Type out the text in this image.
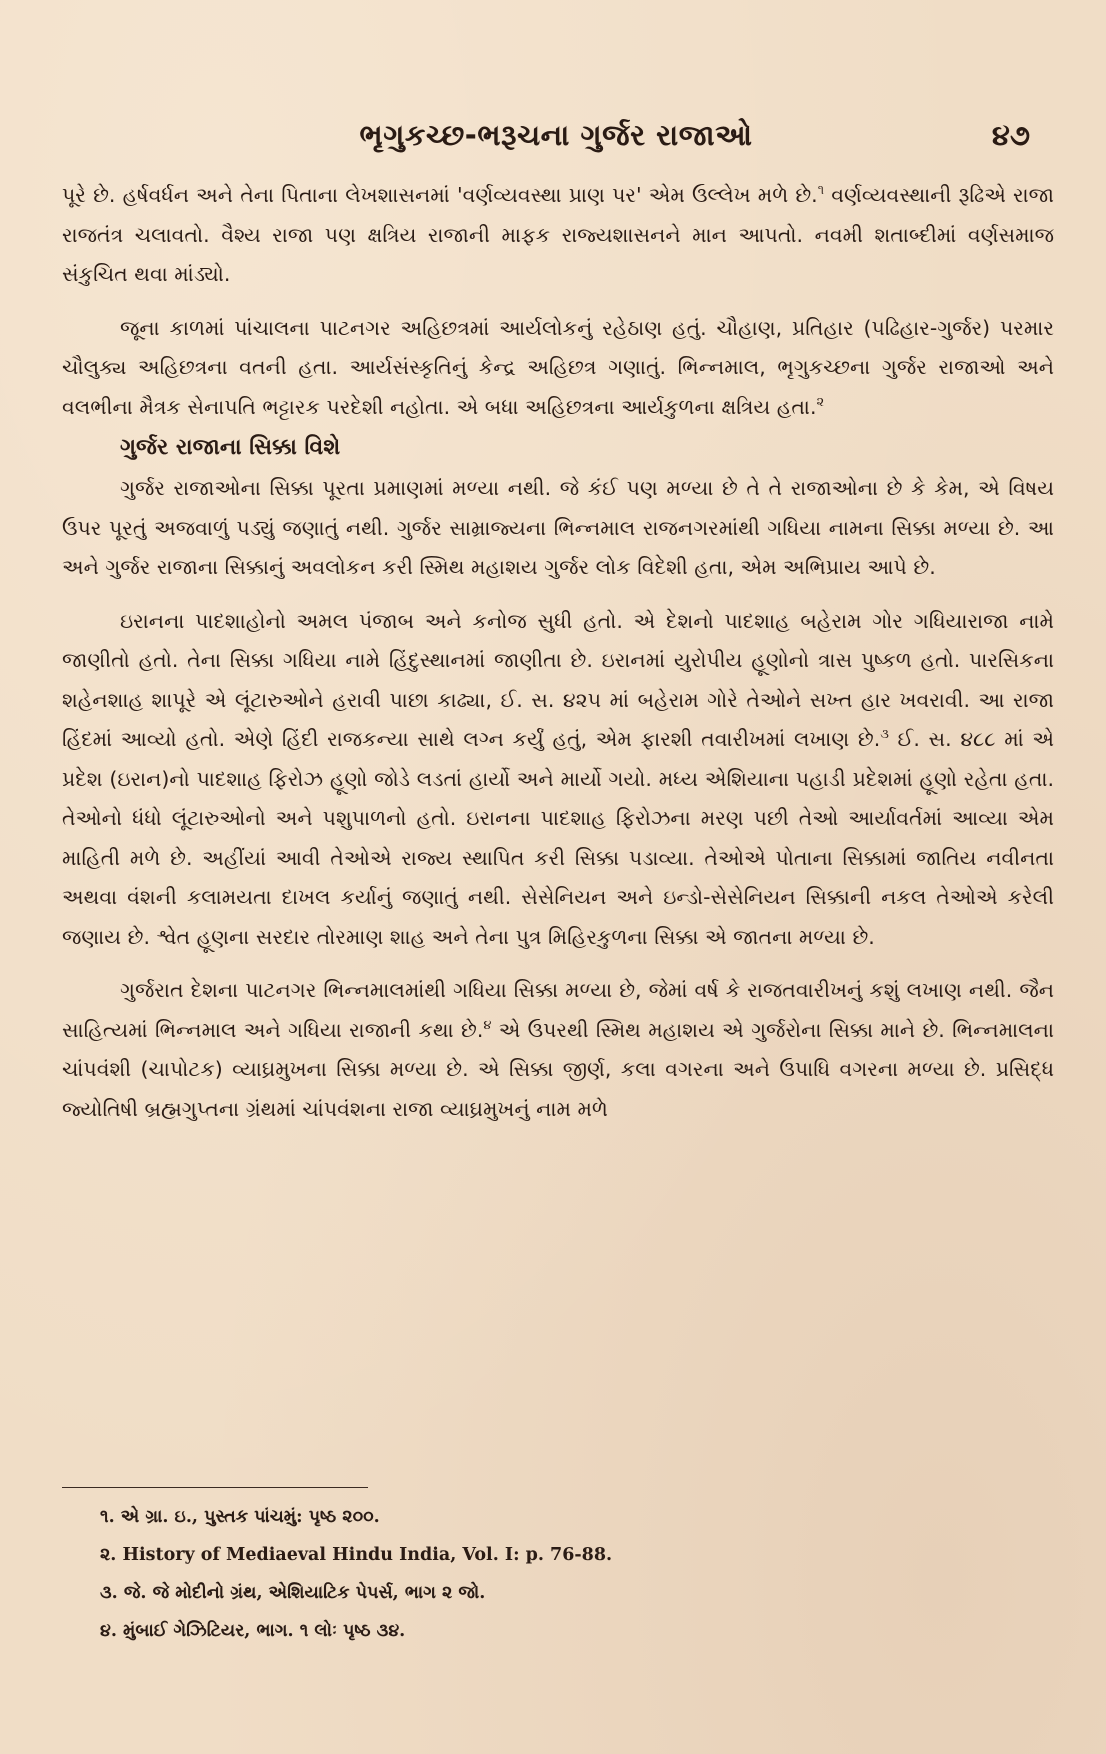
ભૃગુકચ્છ-ભરૂચના ગુર્જર રાજાઓ	૪૭

પૂરે છે. હર્ષવર્ધન અને તેના પિતાના લેખશાસનમાં 'વર્ણવ્યવસ્થા પ્રાણ પર' એમ ઉલ્લેખ મળે છે.$^૧$ વર્ણવ્યવસ્થાની રૂઢિએ રાજા રાજતંત્ર ચલાવતો. વૈશ્ય રાજા પણ ક્ષત્રિય રાજાની માફક રાજ્યશાસનને માન આપતો. નવમી શતાબ્દીમાં વર્ણસમાજ સંકુચિત થવા માંડ્યો.

જૂના કાળમાં પાંચાલના પાટનગર અહિછત્રમાં આર્યલોકનું રહેઠાણ હતું. ચૌહાણ, પ્રતિહાર (પઢિહાર-ગુર્જર) પરમાર ચૌલુક્ય અહિછત્રના વતની હતા. આર્યસંસ્કૃતિનું કેન્દ્ર અહિછત્ર ગણાતું. ભિન્નમાલ, ભૃગુકચ્છના ગુર્જર રાજાઓ અને વલભીના મૈત્રક સેનાપતિ ભટ્ટારક પરદેશી નહોતા. એ બધા અહિછત્રના આર્યકુળના ક્ષત્રિય હતા.$^૨$

ગુર્જર રાજાના સિક્કા વિશે

ગુર્જર રાજાઓના સિક્કા પૂરતા પ્રમાણમાં મળ્યા નથી. જે કંઈ પણ મળ્યા છે તે તે રાજાઓના છે કે કેમ, એ વિષય ઉપર પૂરતું અજવાળું પડ્યું જણાતું નથી. ગુર્જર સામ્રાજ્યના ભિન્નમાલ રાજનગરમાંથી ગધિયા નામના સિક્કા મળ્યા છે. આ અને ગુર્જર રાજાના સિક્કાનું અવલોકન કરી સ્મિથ મહાશય ગુર્જર લોક વિદેશી હતા, એમ અભિપ્રાય આપે છે.

ઇરાનના પાદશાહોનો અમલ પંજાબ અને કનોજ સુધી હતો. એ દેશનો પાદશાહ બહેરામ ગોર ગધિયારાજા નામે જાણીતો હતો. તેના સિક્કા ગધિયા નામે હિંદુસ્થાનમાં જાણીતા છે. ઇરાનમાં યુરોપીય હૂણોનો ત્રાસ પુષ્કળ હતો. પારસિકના શહેનશાહ શાપૂરે એ લૂંટારુઓને હરાવી પાછા કાઢ્યા, ઈ. સ. ૪૨૫ માં બહેરામ ગોરે તેઓને સખ્ત હાર ખવરાવી. આ રાજા હિંદમાં આવ્યો હતો. એણે હિંદી રાજકન્યા સાથે લગ્ન કર્યું હતું, એમ ફારશી તવારીખમાં લખાણ છે.$^૩$ ઈ. સ. ૪૮૮ માં એ પ્રદેશ (ઇરાન)નો પાદશાહ ફિરોઝ હૂણો જોડે લડતાં હાર્યો અને માર્યો ગયો. મધ્ય એશિયાના પહાડી પ્રદેશમાં હૂણો રહેતા હતા. તેઓનો ધંધો લૂંટારુઓનો અને પશુપાળનો હતો. ઇરાનના પાદશાહ ફિરોઝના મરણ પછી તેઓ આર્યાવર્તમાં આવ્યા એમ માહિતી મળે છે. અહીંયાં આવી તેઓએ રાજ્ય સ્થાપિત કરી સિક્કા પડાવ્યા. તેઓએ પોતાના સિક્કામાં જાતિય નવીનતા અથવા વંશની કલામયતા દાખલ કર્યાનું જણાતું નથી. સેસેનિયન અને ઇન્ડો-સેસેનિયન સિક્કાની નકલ તેઓએ કરેલી જણાય છે. શ્વેત હૂણના સરદાર તોરમાણ શાહ અને તેના પુત્ર મિહિરકુળના સિક્કા એ જાતના મળ્યા છે.

ગુર્જરાત દેશના પાટનગર ભિન્નમાલમાંથી ગધિયા સિક્કા મળ્યા છે, જેમાં વર્ષ કે રાજતવારીખનું કશું લખાણ નથી. જૈન સાહિત્યમાં ભિન્નમાલ અને ગધિયા રાજાની કથા છે.$^૪$ એ ઉપરથી સ્મિથ મહાશય એ ગુર્જરોના સિક્કા માને છે. ભિન્નમાલના ચાંપવંશી (ચાપોટક) વ્યાઘ્રમુખના સિક્કા મળ્યા છે. એ સિક્કા જીર્ણ, કલા વગરના અને ઉપાધિ વગરના મળ્યા છે. પ્રસિદ્ધ જ્યોતિષી બ્રહ્મગુપ્તના ગ્રંથમાં ચાંપવંશના રાજા વ્યાઘ્રમુખનું નામ મળે

૧. એ ગ્રા. ઇ., પુસ્તક પાંચમું: પૃષ્ઠ ૨૦૦.

૨. History of Mediaeval Hindu India, Vol. I: p. 76-88.

૩. જે. જે મોદીનો ગ્રંથ, એશિયાટિક પેપર્સ, ભાગ ૨ જો.

૪. મુંબાઈ ગેઝિટિયર, ભાગ. ૧ લોઃ પૃષ્ઠ ૩૪.
